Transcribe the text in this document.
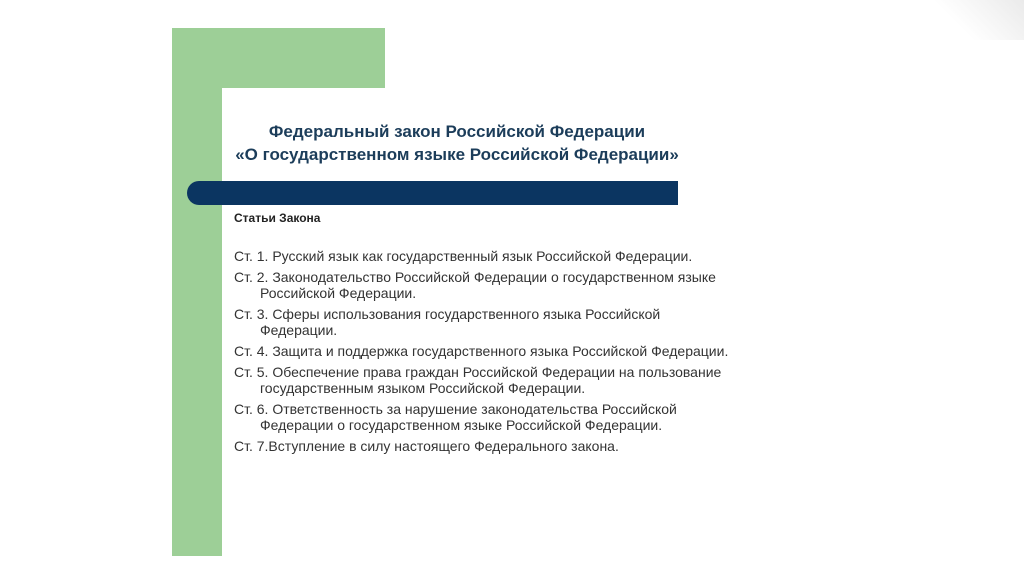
Федеральный закон Российской Федерации
«О государственном языке Российской Федерации»
Статьи Закона
Ст. 1. Русский язык как государственный язык Российской Федерации.
Ст. 2. Законодательство Российской Федерации о государственном языке Российской Федерации.
Ст. 3. Сферы использования государственного языка Российской Федерации.
Ст. 4. Защита и поддержка государственного языка Российской Федерации.
Ст. 5. Обеспечение права граждан Российской Федерации на пользование государственным языком Российской Федерации.
Ст. 6. Ответственность за нарушение законодательства Российской Федерации о государственном языке Российской Федерации.
Ст. 7.Вступление в силу настоящего Федерального закона.
